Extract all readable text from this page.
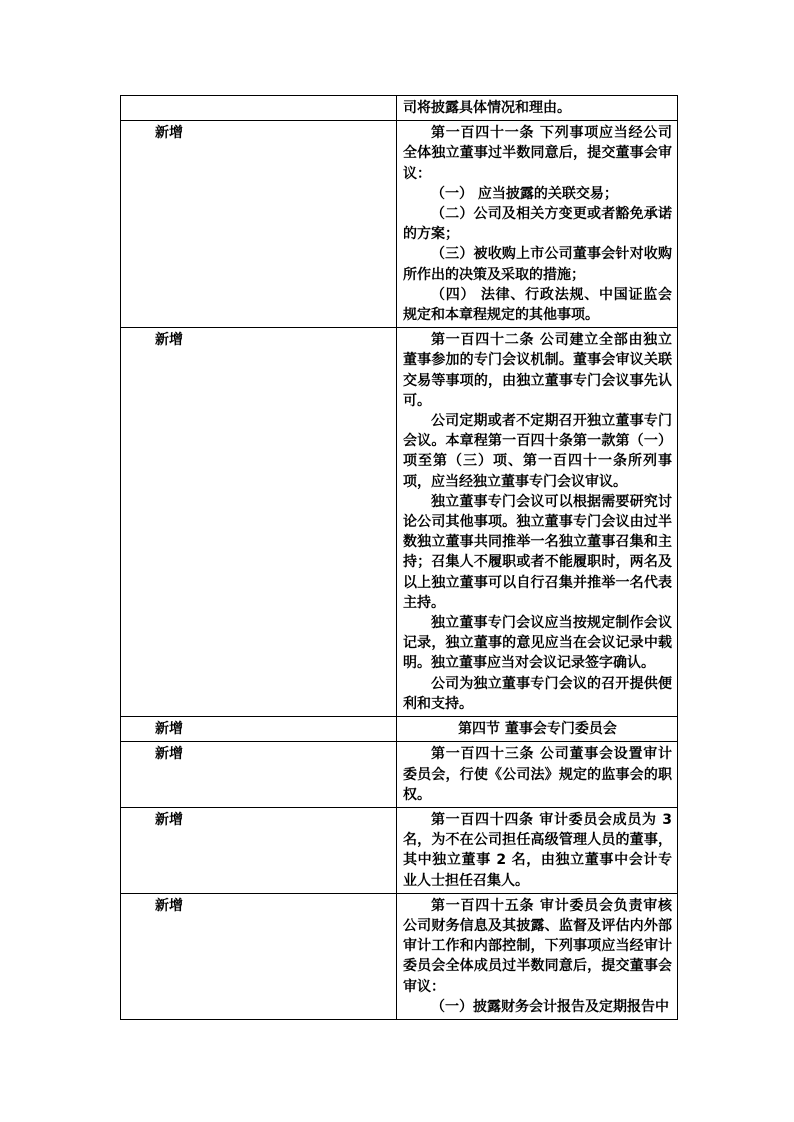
	司将披露具体情况和理由。

新增	第一百四十一条 下列事项应当经公司全体独立董事过半数同意后，提交董事会审议：

（一） 应当披露的关联交易；

（二）公司及相关方变更或者豁免承诺的方案；

（三）被收购上市公司董事会针对收购所作出的决策及采取的措施；

（四） 法律、行政法规、中国证监会规定和本章程规定的其他事项。

新增	第一百四十二条 公司建立全部由独立董事参加的专门会议机制。董事会审议关联交易等事项的，由独立董事专门会议事先认可。

公司定期或者不定期召开独立董事专门会议。本章程第一百四十条第一款第（一）项至第（三）项、第一百四十一条所列事项，应当经独立董事专门会议审议。

独立董事专门会议可以根据需要研究讨论公司其他事项。独立董事专门会议由过半数独立董事共同推举一名独立董事召集和主持；召集人不履职或者不能履职时，两名及以上独立董事可以自行召集并推举一名代表主持。

独立董事专门会议应当按规定制作会议记录，独立董事的意见应当在会议记录中载明。独立董事应当对会议记录签字确认。

公司为独立董事专门会议的召开提供便利和支持。

新增	第四节 董事会专门委员会

新增	第一百四十三条 公司董事会设置审计委员会，行使《公司法》规定的监事会的职权。

新增	第一百四十四条 审计委员会成员为 3 名，为不在公司担任高级管理人员的董事，其中独立董事 2 名，由独立董事中会计专业人士担任召集人。

新增	第一百四十五条 审计委员会负责审核公司财务信息及其披露、监督及评估内外部审计工作和内部控制，下列事项应当经审计委员会全体成员过半数同意后，提交董事会审议：

（一）披露财务会计报告及定期报告中
